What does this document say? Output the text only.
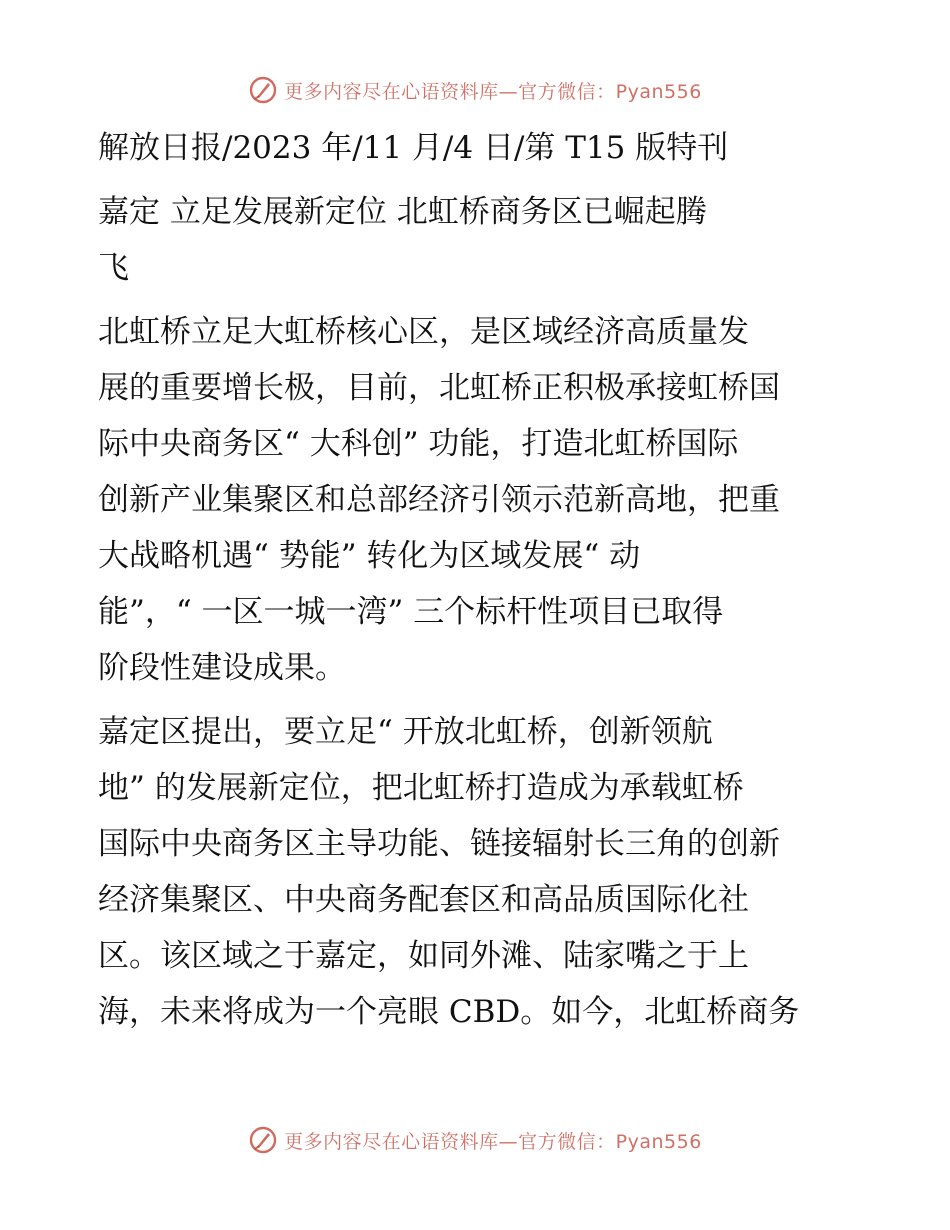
更多内容尽在心语资料库—官方微信：Pyan556
解放日报/2023 年/11 月/4 日/第 T15 版特刊
嘉定 立足发展新定位 北虹桥商务区已崛起腾
飞
北虹桥立足大虹桥核心区，是区域经济高质量发
展的重要增长极，目前，北虹桥正积极承接虹桥国
际中央商务区“ 大科创” 功能，打造北虹桥国际
创新产业集聚区和总部经济引领示范新高地，把重
大战略机遇“ 势能” 转化为区域发展“ 动
能”，“ 一区一城一湾” 三个标杆性项目已取得
阶段性建设成果。
嘉定区提出，要立足“ 开放北虹桥，创新领航
地” 的发展新定位，把北虹桥打造成为承载虹桥
国际中央商务区主导功能、链接辐射长三角的创新
经济集聚区、中央商务配套区和高品质国际化社
区。该区域之于嘉定，如同外滩、陆家嘴之于上
海，未来将成为一个亮眼 CBD。如今，北虹桥商务
更多内容尽在心语资料库—官方微信：Pyan556
